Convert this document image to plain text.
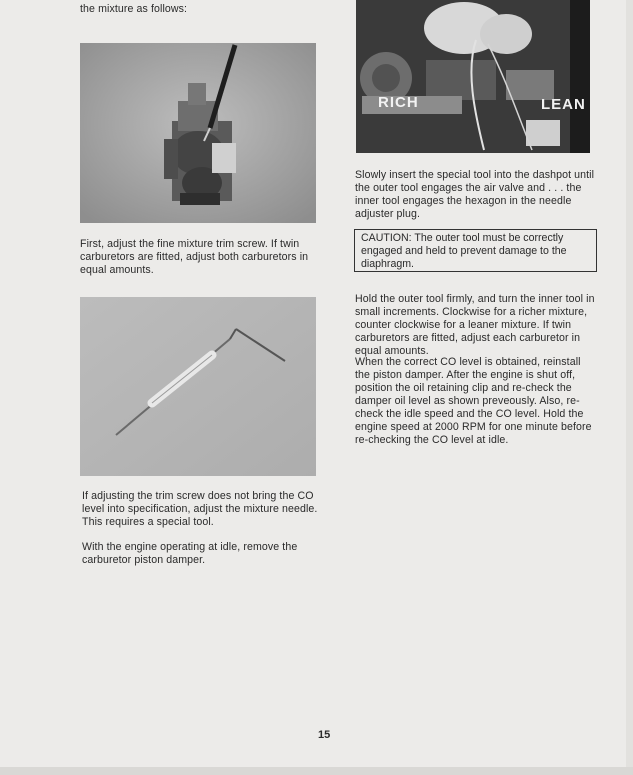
the mixture as follows:
First, adjust the fine mixture trim screw. If twin carburetors are fitted, adjust both carburetors in equal amounts.
If adjusting the trim screw does not bring the CO level into specification, adjust the mixture needle. This requires a special tool.
With the engine operating at idle, remove the carburetor piston damper.
RICH	LEAN
Slowly insert the special tool into the dashpot until the outer tool engages the air valve and . . . the inner tool engages the hexagon in the needle adjuster plug.
CAUTION: The outer tool must be correctly engaged and held to prevent damage to the diaphragm.
Hold the outer tool firmly, and turn the inner tool in small increments. Clockwise for a richer mixture, counter clockwise for a leaner mixture. If twin carburetors are fitted, adjust each carburetor in equal amounts.
When the correct CO level is obtained, reinstall the piston damper. After the engine is shut off, position the oil retaining clip and re-check the damper oil level as shown preveously. Also, re-check the idle speed and the CO level. Hold the engine speed at 2000 RPM for one minute before re-checking the CO level at idle.
15
